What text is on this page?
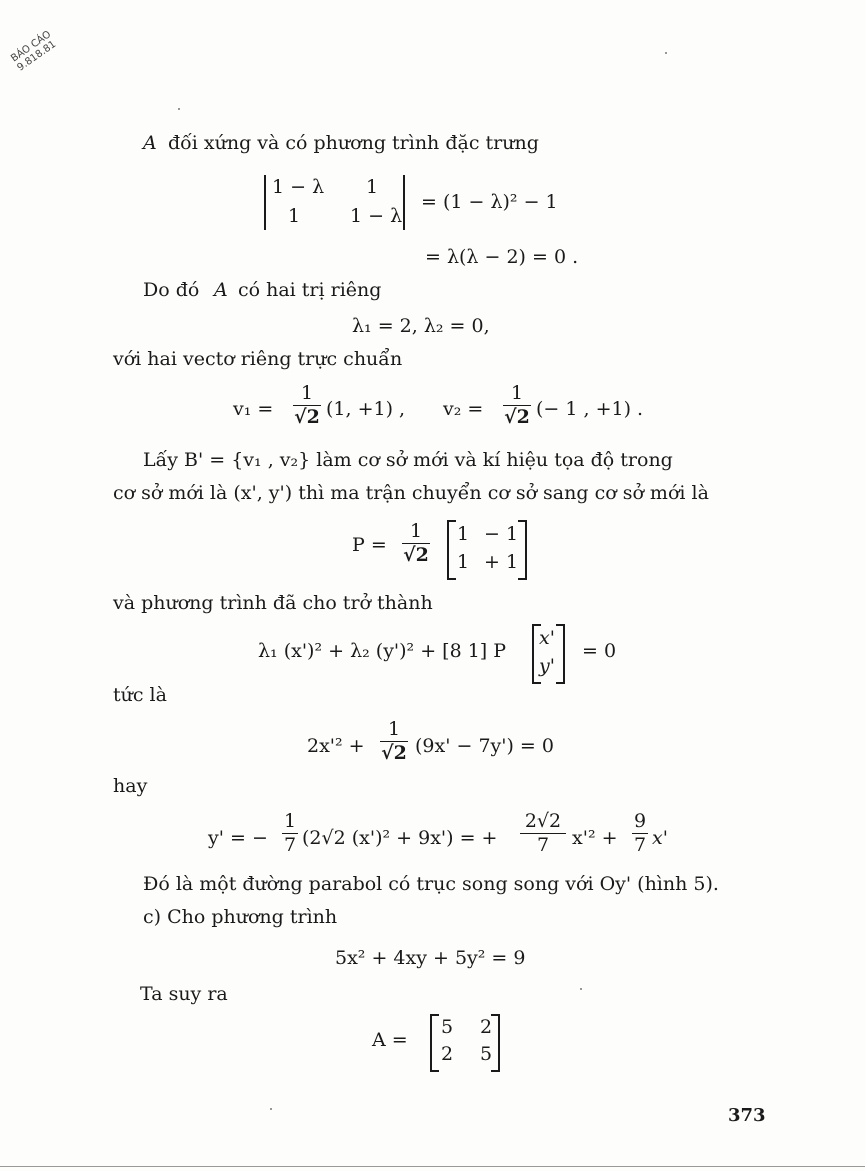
BÁO CÁO 9.818.81
A đối xứng và có phương trình đặc trưng
1 − λ 1
1	1 − λ
= (1 − λ)² − 1
= λ(λ − 2) = 0 .
Do đó A có hai trị riêng
λ₁ = 2, λ₂ = 0,
với hai vectơ riêng trực chuẩn
v₁ =
1
√2 (1, +1) , v₂ =
1
√2 (− 1 , +1) .
Lấy B' = {v₁ , v₂} làm cơ sở mới và kí hiệu tọa độ trong
cơ sở mới là (x', y') thì ma trận chuyển cơ sở sang cơ sở mới là
P =
1
√2
1 − 1
1 + 1
và phương trình đã cho trở thành
λ₁ (x')² + λ₂ (y')² + [8 1] P
x'
y'
= 0
tức là
2x'² +
1
√2 (9x' − 7y') = 0
hay
y' = −
1
7 (2√2 (x')² + 9x') = +
2√2
7	x'² +
9
7 x'
Đó là một đường parabol có trục song song với Oy' (hình 5).
c) Cho phương trình
5x² + 4xy + 5y² = 9
Ta suy ra
A =
5 2
2 5
373
